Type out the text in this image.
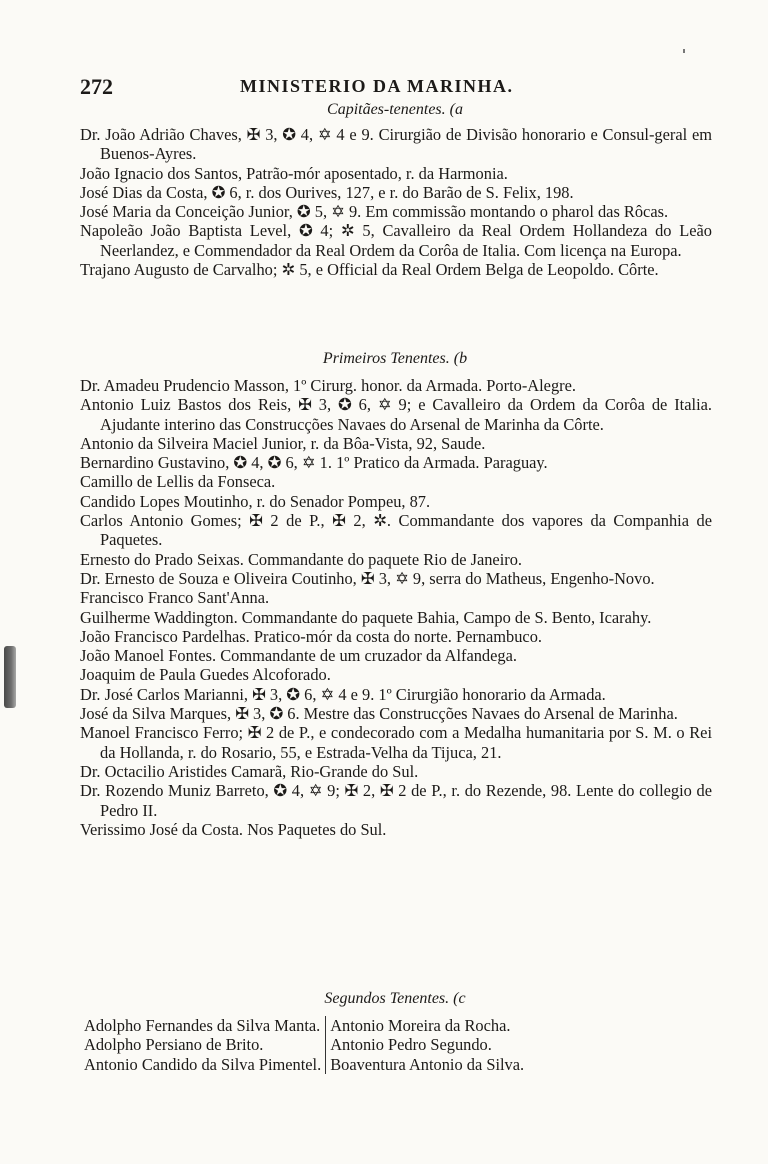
272	MINISTERIO DA MARINHA.
Capitães-tenentes. (a

Dr. João Adrião Chaves, ✠ 3, ✪ 4, ✡ 4 e 9. Cirurgião de Divisão honorario e Consul-geral em Buenos-Ayres.

João Ignacio dos Santos, Patrão-mór aposentado, r. da Harmonia.

José Dias da Costa, ✪ 6, r. dos Ourives, 127, e r. do Barão de S. Felix, 198.

José Maria da Conceição Junior, ✪ 5, ✡ 9. Em commissão montando o pharol das Rôcas.

Napoleão João Baptista Level, ✪ 4; ✲ 5, Cavalleiro da Real Ordem Hollandeza do Leão Neerlandez, e Commendador da Real Ordem da Corôa de Italia. Com licença na Europa.

Trajano Augusto de Carvalho; ✲ 5, e Official da Real Ordem Belga de Leopoldo. Côrte.

Primeiros Tenentes. (b

Dr. Amadeu Prudencio Masson, 1º Cirurg. honor. da Armada. Porto-Alegre.

Antonio Luiz Bastos dos Reis, ✠ 3, ✪ 6, ✡ 9; e Cavalleiro da Ordem da Corôa de Italia. Ajudante interino das Construcções Navaes do Arsenal de Marinha da Côrte.

Antonio da Silveira Maciel Junior, r. da Bôa-Vista, 92, Saude.

Bernardino Gustavino, ✪ 4, ✪ 6, ✡ 1. 1º Pratico da Armada. Paraguay.

Camillo de Lellis da Fonseca.

Candido Lopes Moutinho, r. do Senador Pompeu, 87.

Carlos Antonio Gomes; ✠ 2 de P., ✠ 2, ✲. Commandante dos vapores da Companhia de Paquetes.

Ernesto do Prado Seixas. Commandante do paquete Rio de Janeiro.

Dr. Ernesto de Souza e Oliveira Coutinho, ✠ 3, ✡ 9, serra do Matheus, Engenho-Novo.

Francisco Franco Sant'Anna.

Guilherme Waddington. Commandante do paquete Bahia, Campo de S. Bento, Icarahy.

João Francisco Pardelhas. Pratico-mór da costa do norte. Pernambuco.

João Manoel Fontes. Commandante de um cruzador da Alfandega.

Joaquim de Paula Guedes Alcoforado.

Dr. José Carlos Marianni, ✠ 3, ✪ 6, ✡ 4 e 9. 1º Cirurgião honorario da Armada.

José da Silva Marques, ✠ 3, ✪ 6. Mestre das Construcções Navaes do Arsenal de Marinha.

Manoel Francisco Ferro; ✠ 2 de P., e condecorado com a Medalha humanitaria por S. M. o Rei da Hollanda, r. do Rosario, 55, e Estrada-Velha da Tijuca, 21.

Dr. Octacilio Aristides Camarã, Rio-Grande do Sul.

Dr. Rozendo Muniz Barreto, ✪ 4, ✡ 9; ✠ 2, ✠ 2 de P., r. do Rezende, 98. Lente do collegio de Pedro II.

Verissimo José da Costa. Nos Paquetes do Sul.

Segundos Tenentes. (c
Adolpho Fernandes da Silva Manta.
Adolpho Persiano de Brito.
Antonio Candido da Silva Pimentel.
Antonio Moreira da Rocha.
Antonio Pedro Segundo.
Boaventura Antonio da Silva.
